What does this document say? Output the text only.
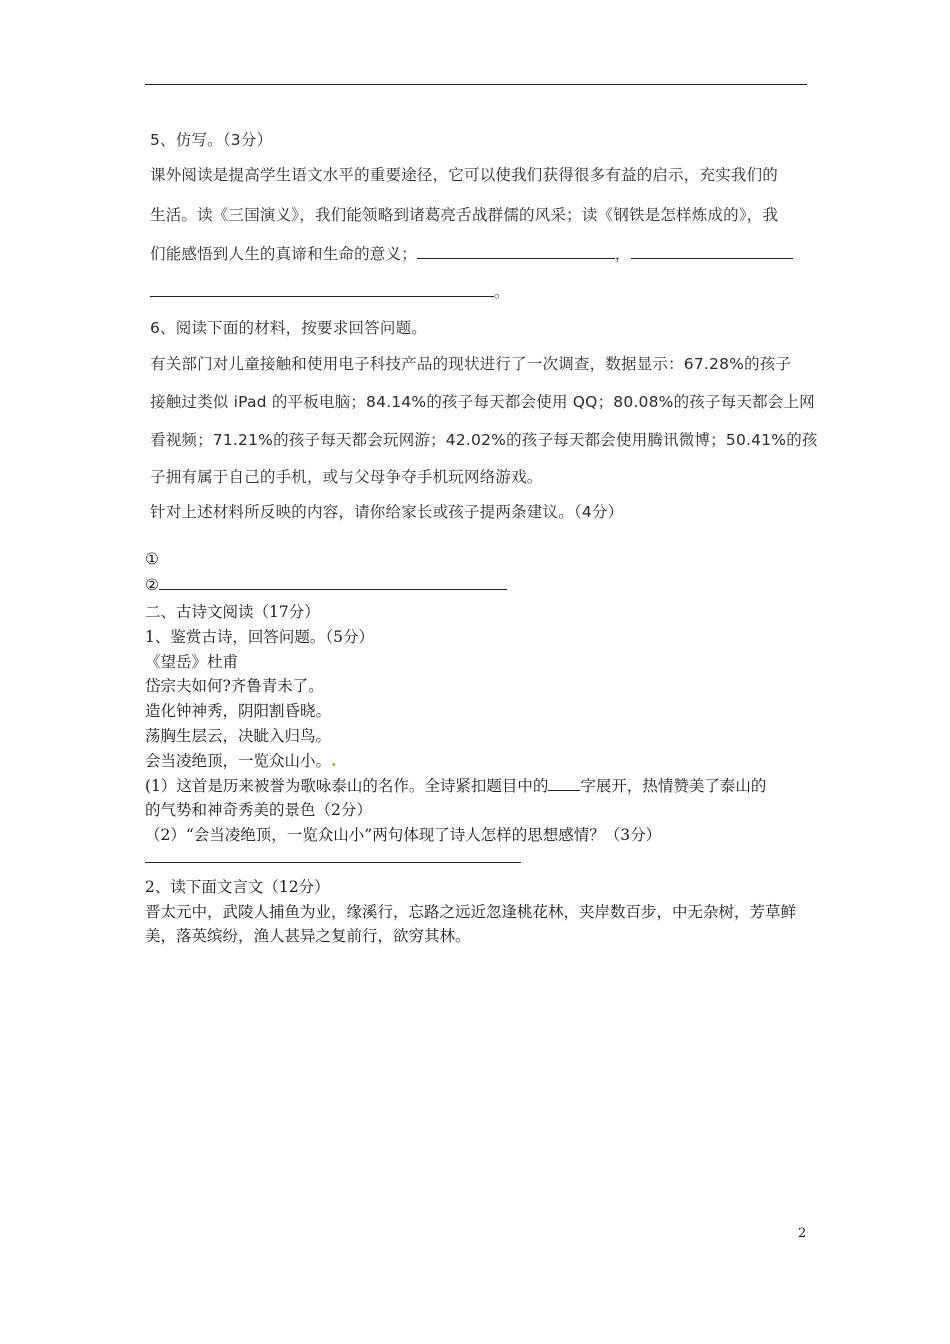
5、仿写。（3分）
课外阅读是提高学生语文水平的重要途径，它可以使我们获得很多有益的启示，充实我们的
生活。读《三国演义》，我们能领略到诸葛亮舌战群儒的风采；读《钢铁是怎样炼成的》，我
们能感悟到人生的真谛和生命的意义；	，
。
6、阅读下面的材料，按要求回答问题。
有关部门对儿童接触和使用电子科技产品的现状进行了一次调查，数据显示：67.28%的孩子
接触过类似 iPad 的平板电脑；84.14%的孩子每天都会使用 QQ；80.08%的孩子每天都会上网
看视频；71.21%的孩子每天都会玩网游；42.02%的孩子每天都会使用腾讯微博；50.41%的孩
子拥有属于自己的手机，或与父母争夺手机玩网络游戏。
针对上述材料所反映的内容，请你给家长或孩子提两条建议。（4分）
①
②
二、古诗文阅读（17分）
1、鉴赏古诗，回答问题。（5分）
《望岳》杜甫
岱宗夫如何?齐鲁青未了。
造化钟神秀，阴阳割昏晓。
荡胸生层云，决眦入归鸟。
会当凌绝顶，一览众山小。.
(1）这首是历来被誉为歌咏泰山的名作。全诗紧扣题目中的 字展开，热情赞美了泰山的
的气势和神奇秀美的景色（2分）
（2）“会当凌绝顶，一览众山小”两句体现了诗人怎样的思想感情？（3分）
2、读下面文言文（12分）
晋太元中，武陵人捕鱼为业，缘溪行，忘路之远近忽逢桃花林，夹岸数百步，中无杂树，芳草鲜
美，落英缤纷，渔人甚异之复前行，欲穷其林。
2
